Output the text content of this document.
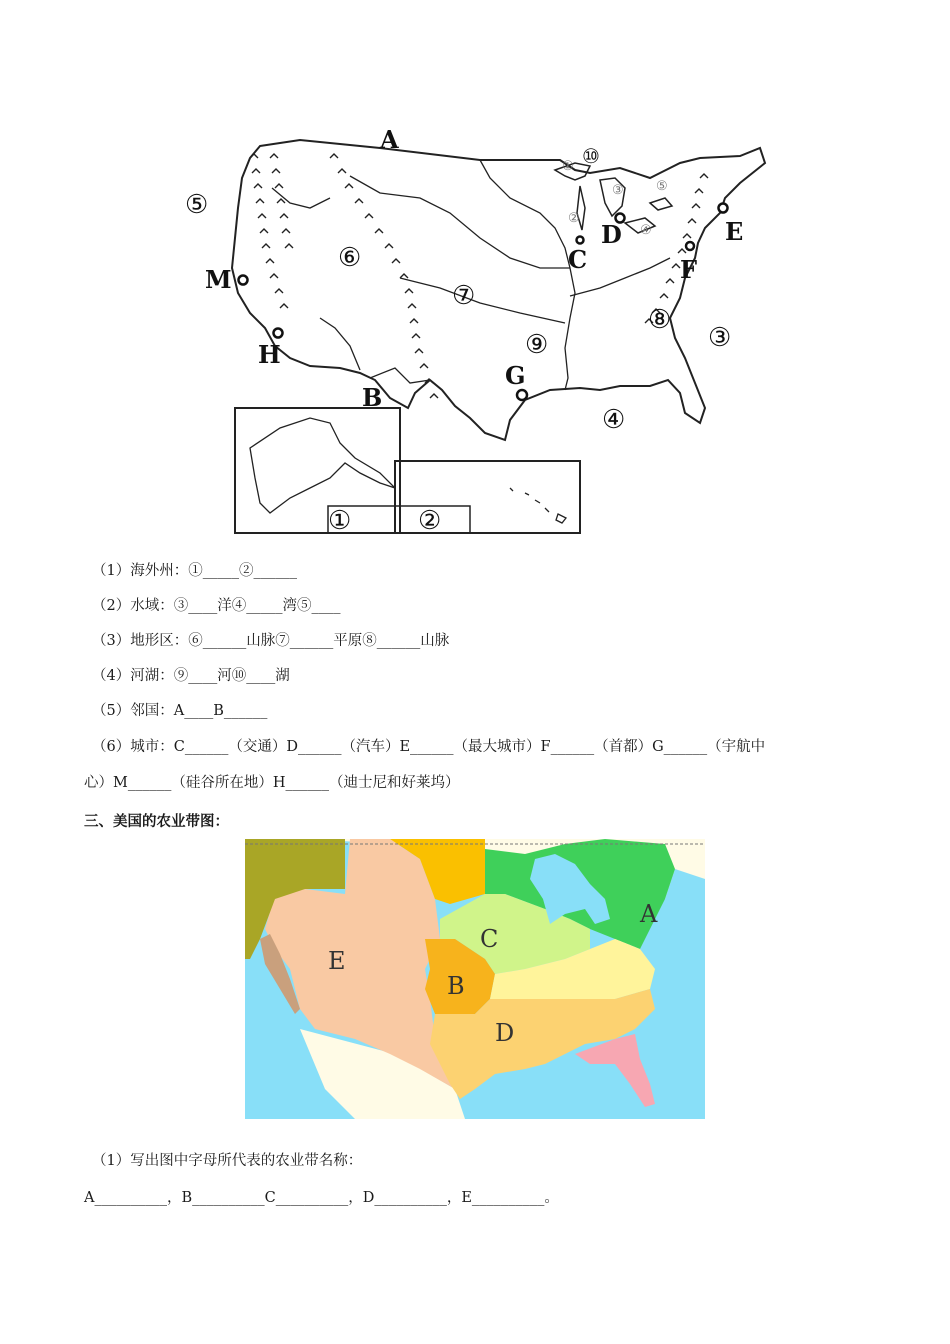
A
B
C
D	E
F
G
H
M
⑤
⑥
⑦
⑨
⑧
③
④
①	②
⑩
①
②
③
④
⑤
（1）海外州：①_____②______
（2）水域：③____洋④_____湾⑤____
（3）地形区：⑥______山脉⑦______平原⑧______山脉
（4）河湖：⑨____河⑩____湖
（5）邻国：A____B______
（6）城市：C______（交通）D______（汽车）E______（最大城市）F______（首都）G______（宇航中
心）M______（硅谷所在地）H______（迪士尼和好莱坞）
三、美国的农业带图：
A
B
C
D
E
（1）写出图中字母所代表的农业带名称：
A__________，B__________C__________，D__________，E__________。
